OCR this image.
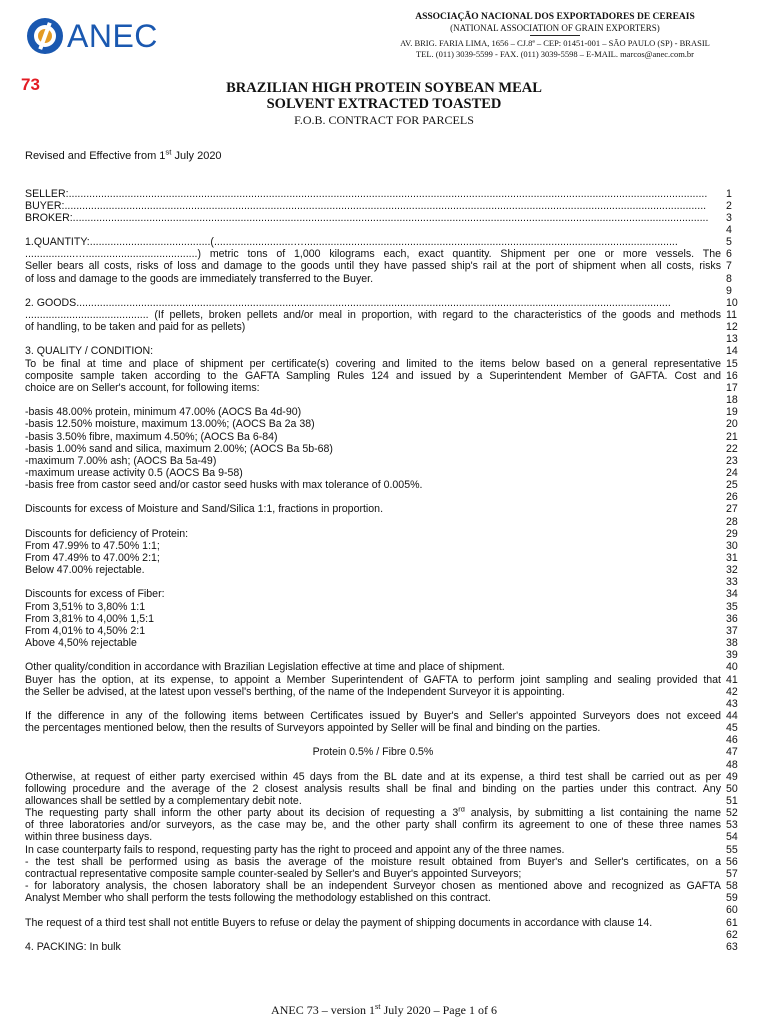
ANEC
ASSOCIAÇÃO NACIONAL DOS EXPORTADORES DE CEREAIS
(NATIONAL ASSOCIATION OF GRAIN EXPORTERS)
AV. BRIG. FARIA LIMA, 1656 – CJ.8ª – CEP: 01451-001 – SÃO PAULO (SP) - BRASIL
TEL. (011) 3039-5599 - FAX. (011) 3039-5598 – E-MAIL. marcos@anec.com.br
73	BRAZILIAN HIGH PROTEIN SOYBEAN MEAL
SOLVENT EXTRACTED TOASTED
F.O.B. CONTRACT FOR PARCELS
Revised and Effective from 1st July 2020
SELLER:.........................................................................................................................................................................................................................	1
BUYER:..........................................................................................................................................................................................................................	2
BROKER:........................................................................................................................................................................................................................	3
4
1.QUANTITY:.........................................(...........................…...............................................................................................................................	5
.................…......................................) metric tons of 1,000 kilograms each, exact quantity. Shipment per one or more vessels. The 6
Seller bears all costs, risks of loss and damage to the goods until they have passed ship's rail at the port of shipment when all costs, risks 7
of loss and damage to the goods are immediately transferred to the Buyer.	8
9
2. GOODS..........................................................................................................................................................................................................	10
.......................................... (If pellets, broken pellets and/or meal in proportion, with regard to the characteristics of the goods and methods 11
of handling, to be taken and paid for as pellets)	12
13
3. QUALITY / CONDITION:	14
To be final at time and place of shipment per certificate(s) covering and limited to the items below based on a general representative 15
composite sample taken according to the GAFTA Sampling Rules 124 and issued by a Superintendent Member of GAFTA. Cost and 16
choice are on Seller's account, for following items:	17
18
-basis 48.00% protein, minimum 47.00% (AOCS Ba 4d-90)	19
-basis 12.50% moisture, maximum 13.00%; (AOCS Ba 2a 38)	20
-basis 3.50% fibre, maximum 4.50%; (AOCS Ba 6-84)	21
-basis 1.00% sand and silica, maximum 2.00%; (AOCS Ba 5b-68)	22
-maximum 7.00% ash; (AOCS Ba 5a-49)	23
-maximum urease activity 0.5 (AOCS Ba 9-58)	24
-basis free from castor seed and/or castor seed husks with max tolerance of 0.005%.	25
26
Discounts for excess of Moisture and Sand/Silica 1:1, fractions in proportion.	27
28
Discounts for deficiency of Protein:	29
From 47.99% to 47.50% 1:1;	30
From 47.49% to 47.00% 2:1;	31
Below 47.00% rejectable.	32
33
Discounts for excess of Fiber:	34
From 3,51% to 3,80% 1:1	35
From 3,81% to 4,00% 1,5:1	36
From 4,01% to 4,50% 2:1	37
Above 4,50% rejectable	38
39
Other quality/condition in accordance with Brazilian Legislation effective at time and place of shipment.	40
Buyer has the option, at its expense, to appoint a Member Superintendent of GAFTA to perform joint sampling and sealing provided that 41
the Seller be advised, at the latest upon vessel's berthing, of the name of the Independent Surveyor it is appointing.	42
43
If the difference in any of the following items between Certificates issued by Buyer's and Seller's appointed Surveyors does not exceed 44
the percentages mentioned below, then the results of Surveyors appointed by Seller will be final and binding on the parties.	45
46
Protein 0.5% / Fibre 0.5%	47
48
Otherwise, at request of either party exercised within 45 days from the BL date and at its expense, a third test shall be carried out as per 49
following procedure and the average of the 2 closest analysis results shall be final and binding on the parties under this contract. Any 50
allowances shall be settled by a complementary debit note.	51
The requesting party shall inform the other party about its decision of requesting a 3rd analysis, by submitting a list containing the name 52
of three laboratories and/or surveyors, as the case may be, and the other party shall confirm its agreement to one of these three names 53
within three business days.	54
In case counterparty fails to respond, requesting party has the right to proceed and appoint any of the three names.	55
- the test shall be performed using as basis the average of the moisture result obtained from Buyer's and Seller's certificates, on a 56
contractual representative composite sample counter-sealed by Seller's and Buyer's appointed Surveyors;	57
- for laboratory analysis, the chosen laboratory shall be an independent Surveyor chosen as mentioned above and recognized as GAFTA 58
Analyst Member who shall perform the tests following the methodology established on this contract.	59
60
The request of a third test shall not entitle Buyers to refuse or delay the payment of shipping documents in accordance with clause 14.	61
62
4. PACKING: In bulk	63
ANEC 73 – version 1st July 2020 – Page 1 of 6
